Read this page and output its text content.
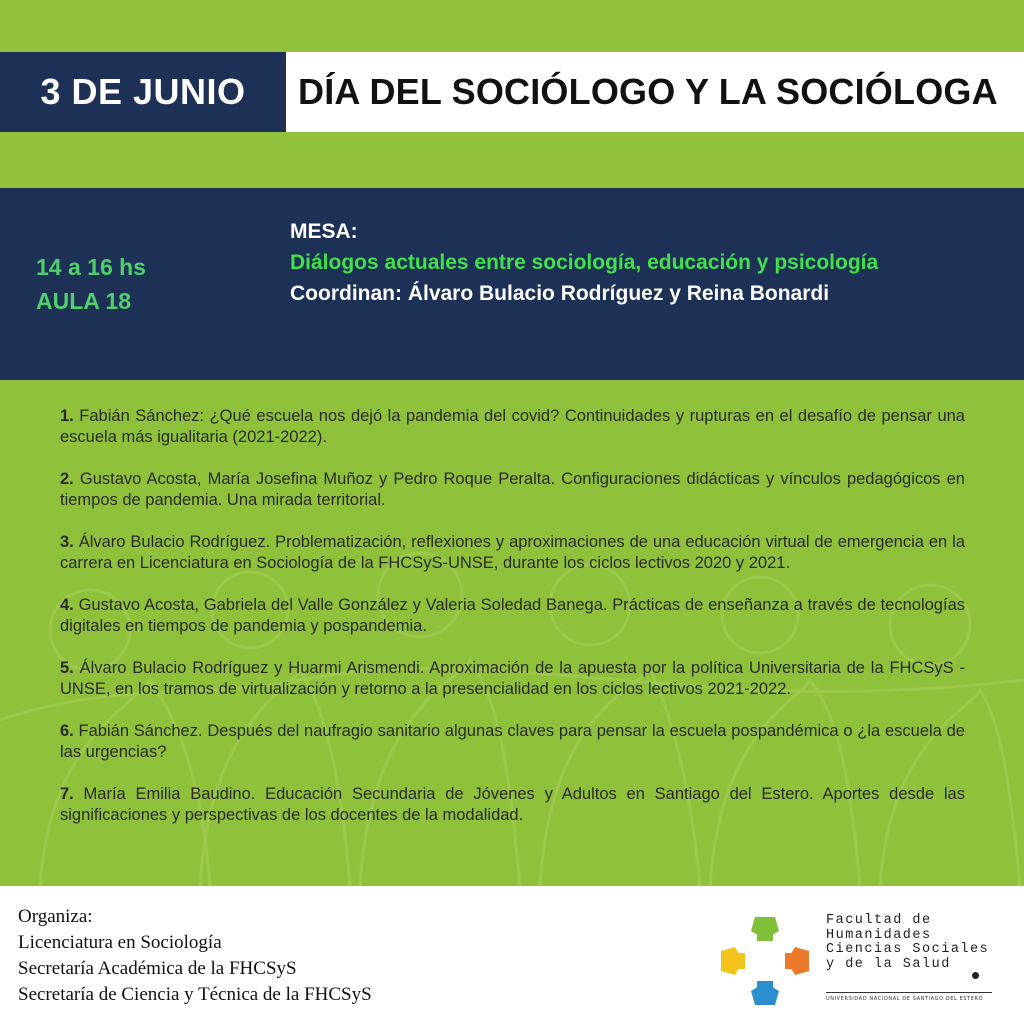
3 DE JUNIO	DÍA DEL SOCIÓLOGO Y LA SOCIÓLOGA
14 a 16 hs
AULA 18
MESA:
Diálogos actuales entre sociología, educación y psicología
Coordinan: Álvaro Bulacio Rodríguez y Reina Bonardi
1. Fabián Sánchez: ¿Qué escuela nos dejó la pandemia del covid? Continuidades y rupturas en el desafío de pensar una escuela más igualitaria (2021-2022).
2. Gustavo Acosta, María Josefina Muñoz y Pedro Roque Peralta. Configuraciones didácticas y vínculos pedagógicos en tiempos de pandemia. Una mirada territorial.
3. Álvaro Bulacio Rodríguez. Problematización, reflexiones y aproximaciones de una educación virtual de emergencia en la carrera en Licenciatura en Sociología de la FHCSyS-UNSE, durante los ciclos lectivos 2020 y 2021.
4. Gustavo Acosta, Gabriela del Valle González y Valeria Soledad Banega. Prácticas de enseñanza a través de tecnologías digitales en tiempos de pandemia y pospandemia.
5. Álvaro Bulacio Rodríguez y Huarmi Arismendi. Aproximación de la apuesta por la política Universitaria de la FHCSyS - UNSE, en los tramos de virtualización y retorno a la presencialidad en los ciclos lectivos 2021-2022.
6. Fabián Sánchez. Después del naufragio sanitario algunas claves para pensar la escuela pospandémica o ¿la escuela de las urgencias?
7. María Emilia Baudino. Educación Secundaria de Jóvenes y Adultos en Santiago del Estero. Aportes desde las significaciones y perspectivas de los docentes de la modalidad.
Organiza:
Licenciatura en Sociología
Secretaría Académica de la FHCSyS
Secretaría de Ciencia y Técnica de la FHCSyS
Facultad de
Humanidades
Ciencias Sociales
y de la Salud
UNIVERSIDAD NACIONAL DE SANTIAGO DEL ESTERO
